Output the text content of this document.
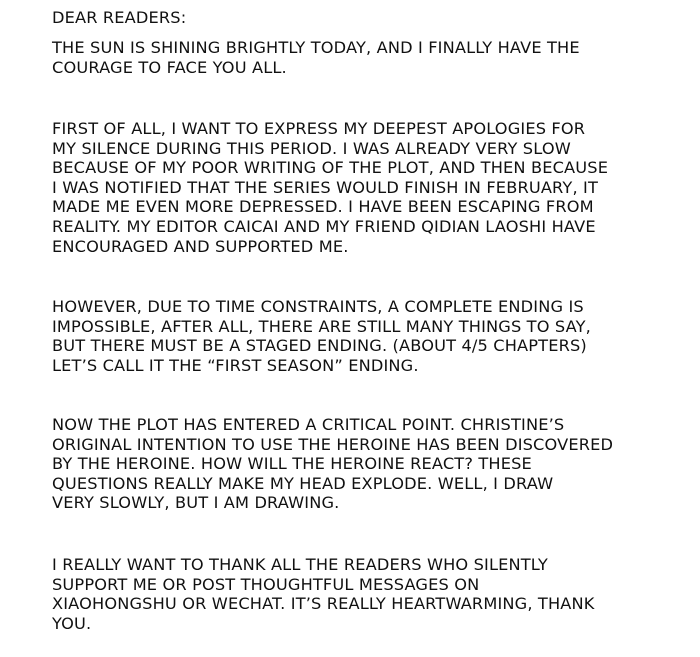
DEAR READERS:

THE SUN IS SHINING BRIGHTLY TODAY, AND I FINALLY HAVE THE
COURAGE TO FACE YOU ALL.

FIRST OF ALL, I WANT TO EXPRESS MY DEEPEST APOLOGIES FOR
MY SILENCE DURING THIS PERIOD. I WAS ALREADY VERY SLOW
BECAUSE OF MY POOR WRITING OF THE PLOT, AND THEN BECAUSE
I WAS NOTIFIED THAT THE SERIES WOULD FINISH IN FEBRUARY, IT
MADE ME EVEN MORE DEPRESSED. I HAVE BEEN ESCAPING FROM
REALITY. MY EDITOR CAICAI AND MY FRIEND QIDIAN LAOSHI HAVE
ENCOURAGED AND SUPPORTED ME.

HOWEVER, DUE TO TIME CONSTRAINTS, A COMPLETE ENDING IS
IMPOSSIBLE, AFTER ALL, THERE ARE STILL MANY THINGS TO SAY,
BUT THERE MUST BE A STAGED ENDING. (ABOUT 4/5 CHAPTERS)
LET’S CALL IT THE “FIRST SEASON” ENDING.

NOW THE PLOT HAS ENTERED A CRITICAL POINT. CHRISTINE’S
ORIGINAL INTENTION TO USE THE HEROINE HAS BEEN DISCOVERED
BY THE HEROINE. HOW WILL THE HEROINE REACT? THESE
QUESTIONS REALLY MAKE MY HEAD EXPLODE. WELL, I DRAW
VERY SLOWLY, BUT I AM DRAWING.

I REALLY WANT TO THANK ALL THE READERS WHO SILENTLY
SUPPORT ME OR POST THOUGHTFUL MESSAGES ON
XIAOHONGSHU OR WECHAT. IT’S REALLY HEARTWARMING, THANK
YOU.
